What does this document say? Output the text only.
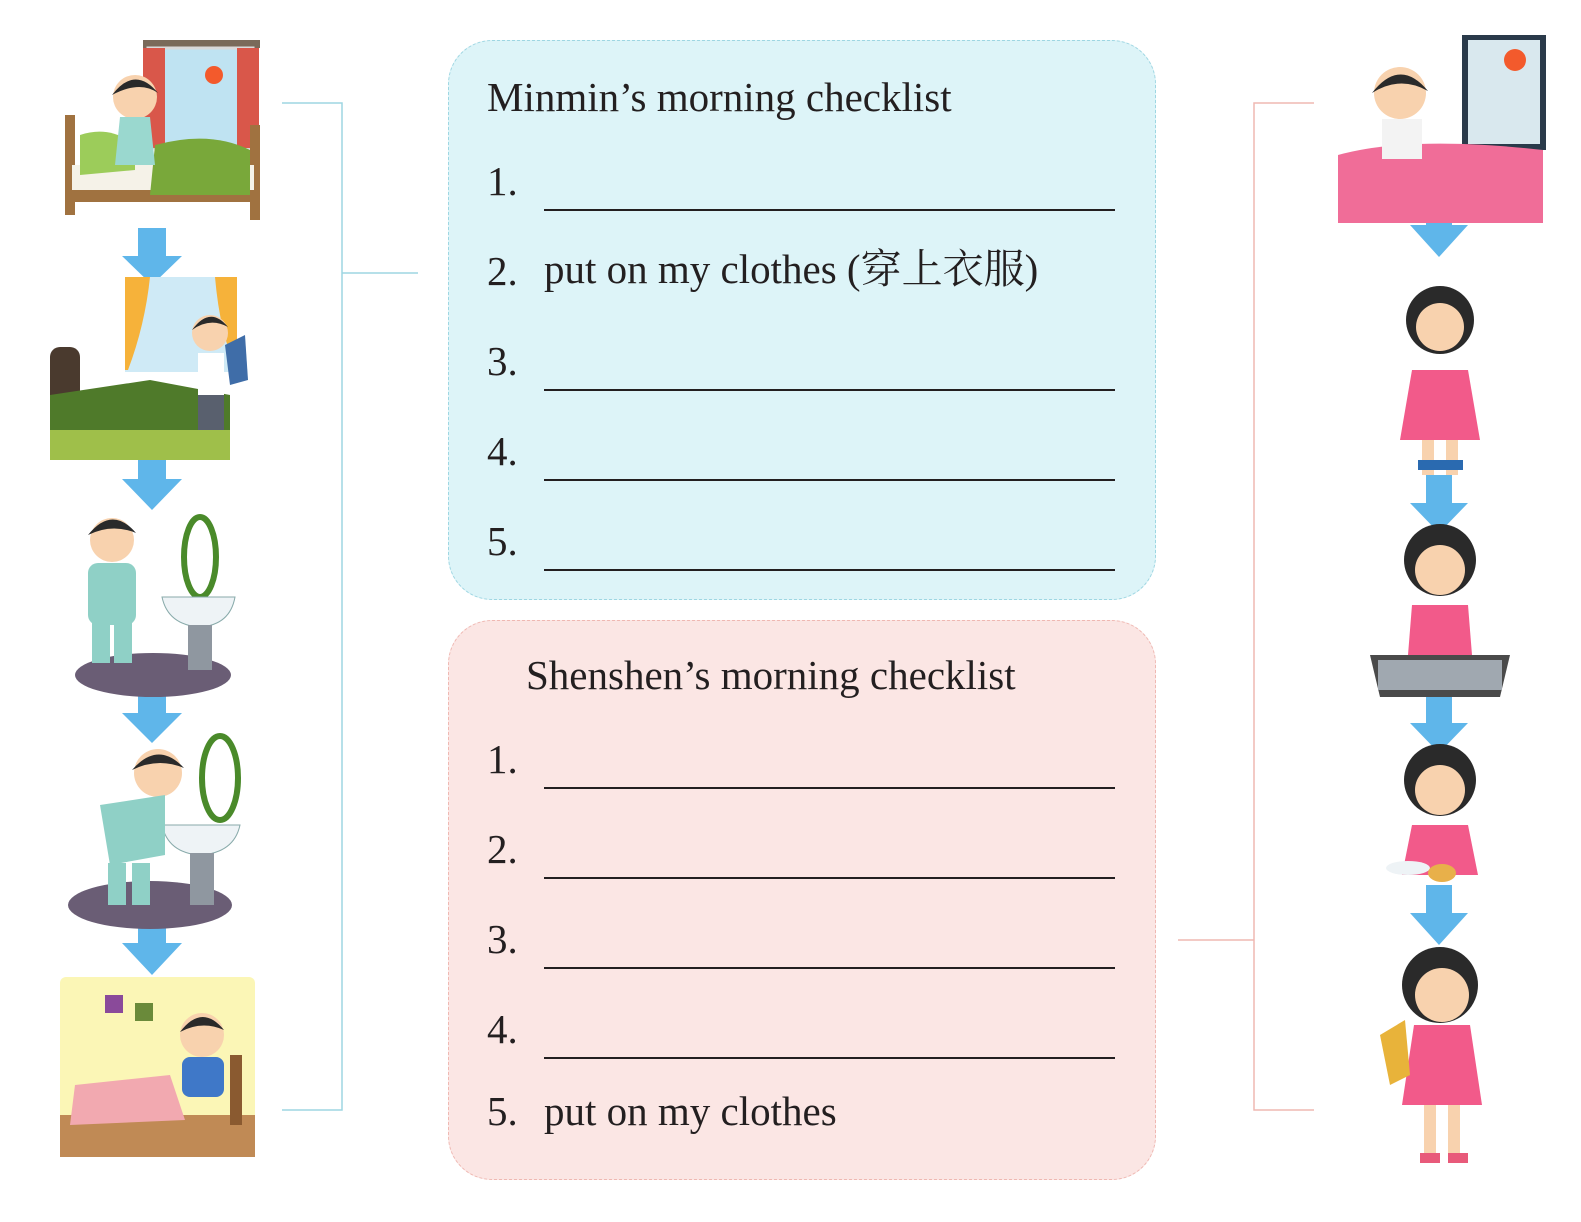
Minmin’s morning checklist
1.
2. put on my clothes (穿上衣服)
3.
4.
5.
Shenshen’s morning checklist
1.
2.
3.
4.
5. put on my clothes
